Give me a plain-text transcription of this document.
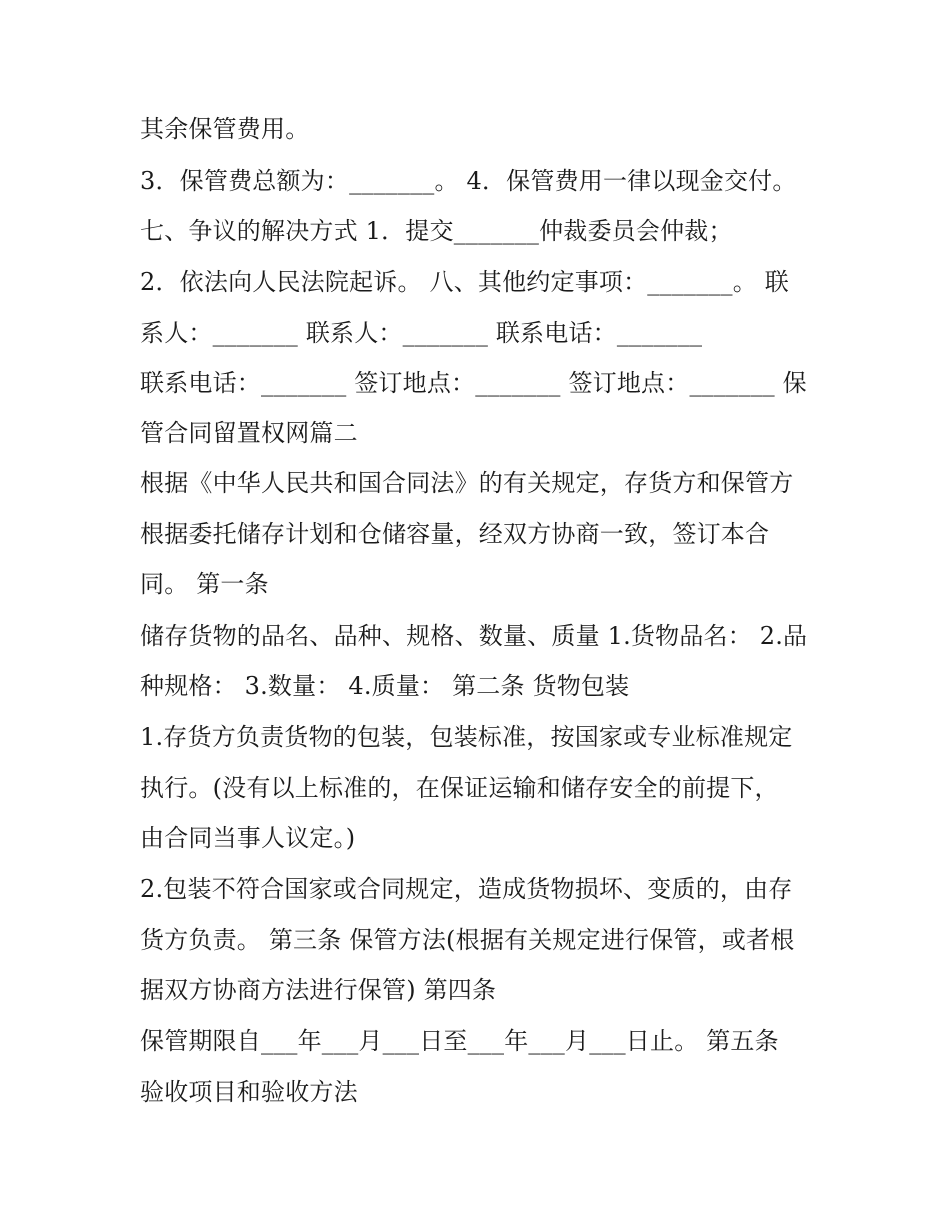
其余保管费用。
3．保管费总额为：_______。 4．保管费用一律以现金交付。
七、争议的解决方式 1．提交_______仲裁委员会仲裁；
2．依法向人民法院起诉。 八、其他约定事项：_______。 联
系人：_______ 联系人：_______ 联系电话：_______
联系电话：_______ 签订地点：_______ 签订地点：_______ 保
管合同留置权网篇二
根据《中华人民共和国合同法》的有关规定，存货方和保管方
根据委托储存计划和仓储容量，经双方协商一致，签订本合
同。 第一条
储存货物的品名、品种、规格、数量、质量 1.货物品名： 2.品
种规格： 3.数量： 4.质量： 第二条 货物包装
1.存货方负责货物的包装，包装标准，按国家或专业标准规定
执行。(没有以上标准的，在保证运输和储存安全的前提下，
由合同当事人议定。)
2.包装不符合国家或合同规定，造成货物损坏、变质的，由存
货方负责。 第三条 保管方法(根据有关规定进行保管，或者根
据双方协商方法进行保管) 第四条
保管期限自___年___月___日至___年___月___日止。 第五条
验收项目和验收方法
